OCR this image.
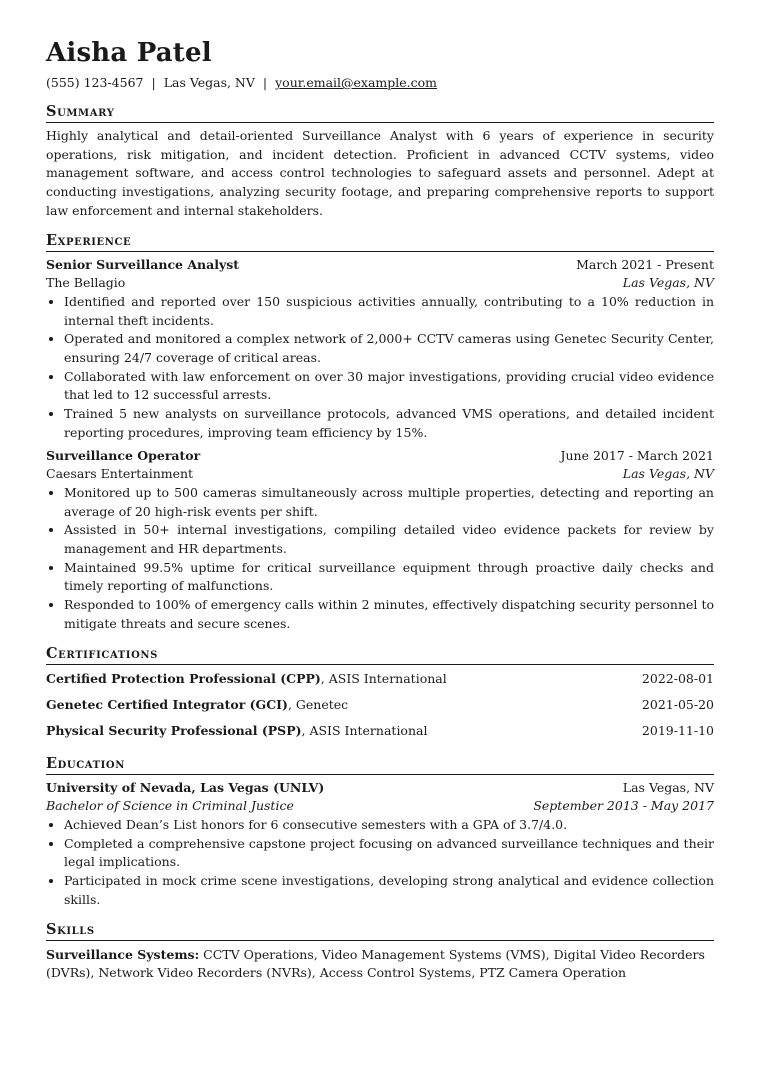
Aisha Patel
(555) 123-4567 | Las Vegas, NV | your.email@example.com
Summary
Highly analytical and detail-oriented Surveillance Analyst with 6 years of experience in security operations, risk mitigation, and incident detection. Proficient in advanced CCTV systems, video management software, and access control technologies to safeguard assets and personnel. Adept at conducting investigations, analyzing security footage, and preparing comprehensive reports to support law enforcement and internal stakeholders.
Experience
Senior Surveillance Analyst	March 2021 - Present
The Bellagio	Las Vegas, NV
• Identified and reported over 150 suspicious activities annually, contributing to a 10% reduction in internal theft incidents.
• Operated and monitored a complex network of 2,000+ CCTV cameras using Genetec Security Center, ensuring 24/7 coverage of critical areas.
• Collaborated with law enforcement on over 30 major investigations, providing crucial video evidence that led to 12 successful arrests.
• Trained 5 new analysts on surveillance protocols, advanced VMS operations, and detailed incident reporting procedures, improving team efficiency by 15%.
Surveillance Operator	June 2017 - March 2021
Caesars Entertainment	Las Vegas, NV
• Monitored up to 500 cameras simultaneously across multiple properties, detecting and reporting an average of 20 high-risk events per shift.
• Assisted in 50+ internal investigations, compiling detailed video evidence packets for review by management and HR departments.
• Maintained 99.5% uptime for critical surveillance equipment through proactive daily checks and timely reporting of malfunctions.
• Responded to 100% of emergency calls within 2 minutes, effectively dispatching security personnel to mitigate threats and secure scenes.
Certifications
Certified Protection Professional (CPP), ASIS International	2022-08-01
Genetec Certified Integrator (GCI), Genetec	2021-05-20
Physical Security Professional (PSP), ASIS International	2019-11-10
Education
University of Nevada, Las Vegas (UNLV)	Las Vegas, NV
Bachelor of Science in Criminal Justice	September 2013 - May 2017
• Achieved Dean’s List honors for 6 consecutive semesters with a GPA of 3.7/4.0.
• Completed a comprehensive capstone project focusing on advanced surveillance techniques and their legal implications.
• Participated in mock crime scene investigations, developing strong analytical and evidence collection skills.
Skills
Surveillance Systems: CCTV Operations, Video Management Systems (VMS), Digital Video Recorders (DVRs), Network Video Recorders (NVRs), Access Control Systems, PTZ Camera Operation
